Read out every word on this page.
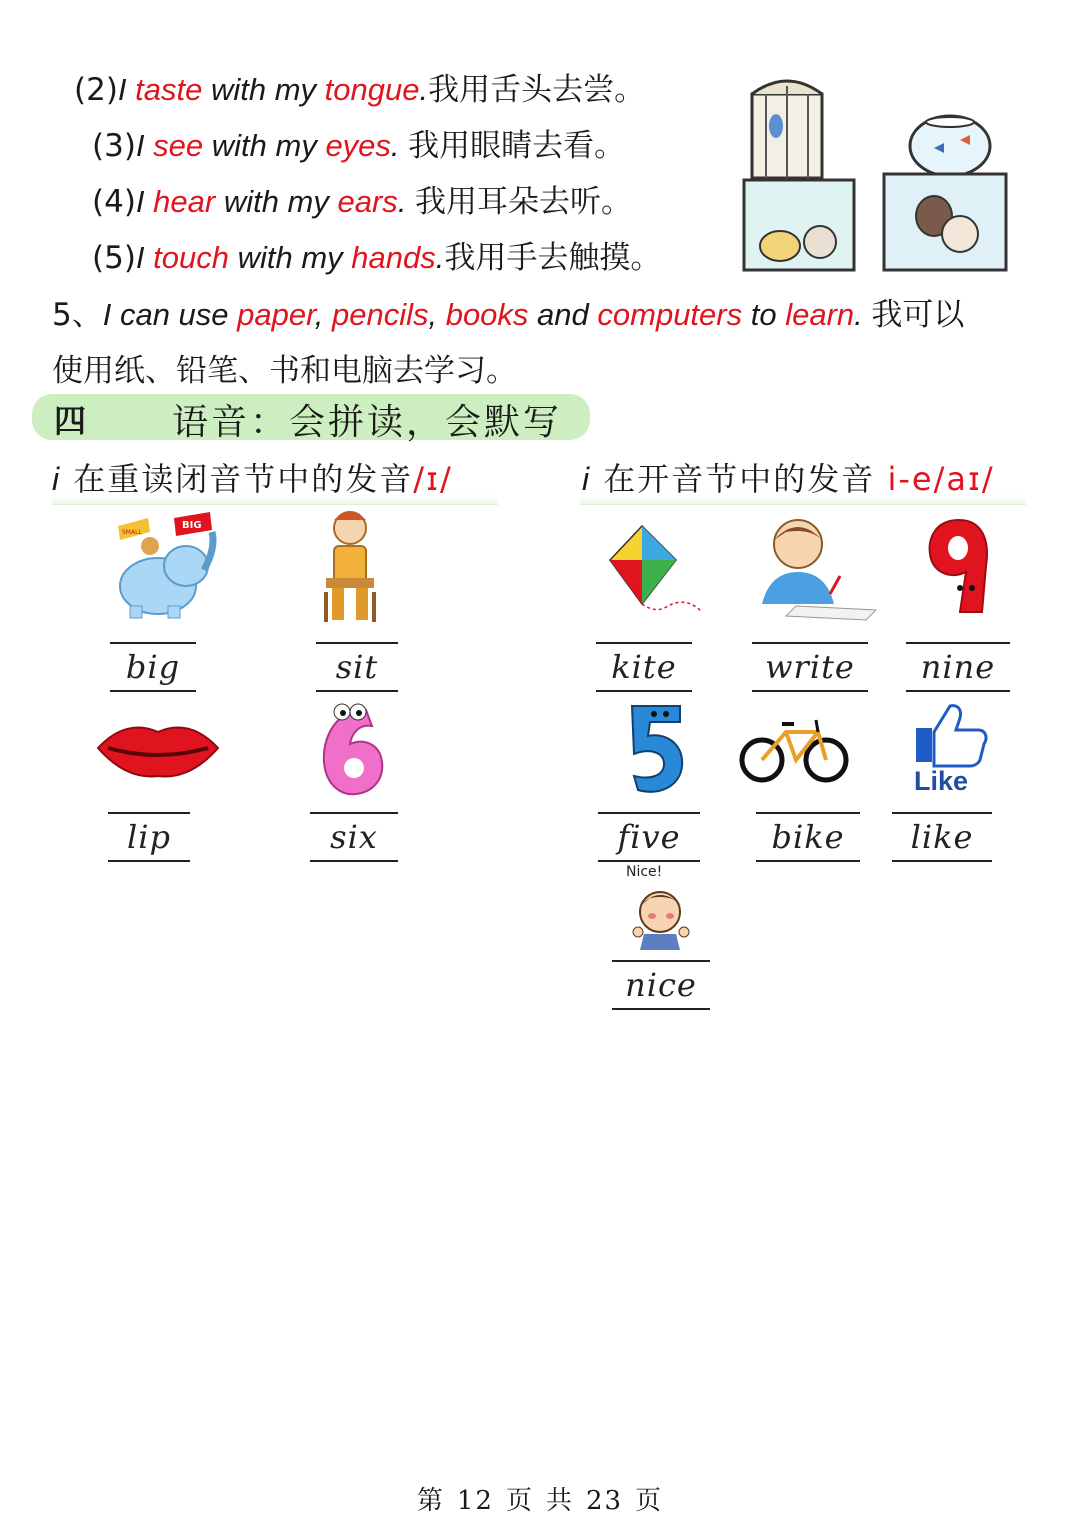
(2)I taste with my tongue.我用舌头去尝。
(3)I see with my eyes. 我用眼睛去看。
(4)I hear with my ears. 我用耳朵去听。
(5)I touch with my hands.我用手去触摸。
5、I can use paper, pencils, books and computers to learn. 我可以
使用纸、铅笔、书和电脑去学习。
四 语音：会拼读，会默写
i 在重读闭音节中的发音/ɪ/	i 在开音节中的发音 i-e/aɪ/
SMALL
BIG
Like
Nice!
big	sit	kite	write	nine
lip	six	five	bike	like
nice
第 12 页 共 23 页
